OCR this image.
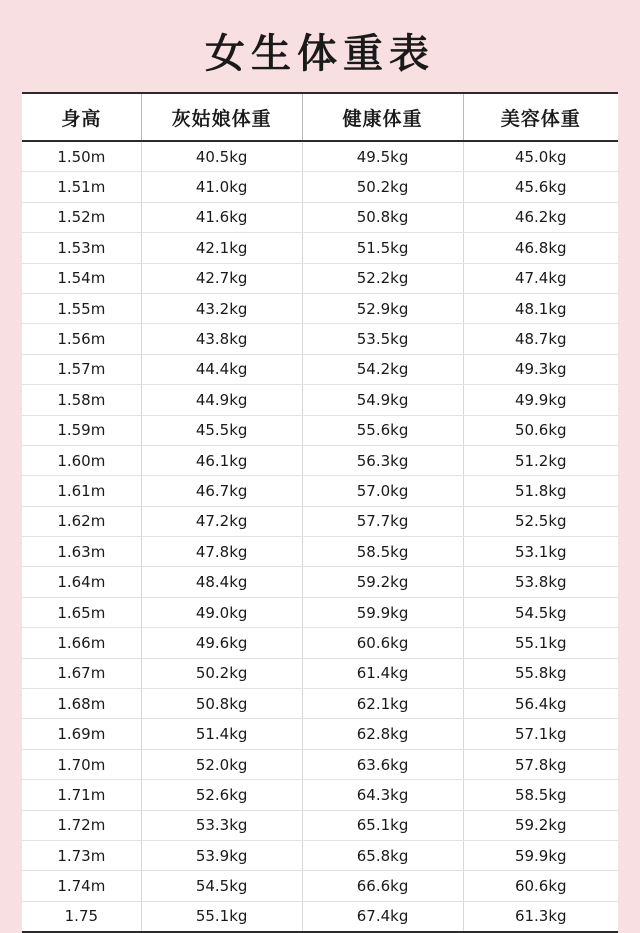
女生体重表
身高	灰姑娘体重	健康体重	美容体重
1.50m	40.5kg	49.5kg	45.0kg
1.51m	41.0kg	50.2kg	45.6kg
1.52m	41.6kg	50.8kg	46.2kg
1.53m	42.1kg	51.5kg	46.8kg
1.54m	42.7kg	52.2kg	47.4kg
1.55m	43.2kg	52.9kg	48.1kg
1.56m	43.8kg	53.5kg	48.7kg
1.57m	44.4kg	54.2kg	49.3kg
1.58m	44.9kg	54.9kg	49.9kg
1.59m	45.5kg	55.6kg	50.6kg
1.60m	46.1kg	56.3kg	51.2kg
1.61m	46.7kg	57.0kg	51.8kg
1.62m	47.2kg	57.7kg	52.5kg
1.63m	47.8kg	58.5kg	53.1kg
1.64m	48.4kg	59.2kg	53.8kg
1.65m	49.0kg	59.9kg	54.5kg
1.66m	49.6kg	60.6kg	55.1kg
1.67m	50.2kg	61.4kg	55.8kg
1.68m	50.8kg	62.1kg	56.4kg
1.69m	51.4kg	62.8kg	57.1kg
1.70m	52.0kg	63.6kg	57.8kg
1.71m	52.6kg	64.3kg	58.5kg
1.72m	53.3kg	65.1kg	59.2kg
1.73m	53.9kg	65.8kg	59.9kg
1.74m	54.5kg	66.6kg	60.6kg
1.75	55.1kg	67.4kg	61.3kg
